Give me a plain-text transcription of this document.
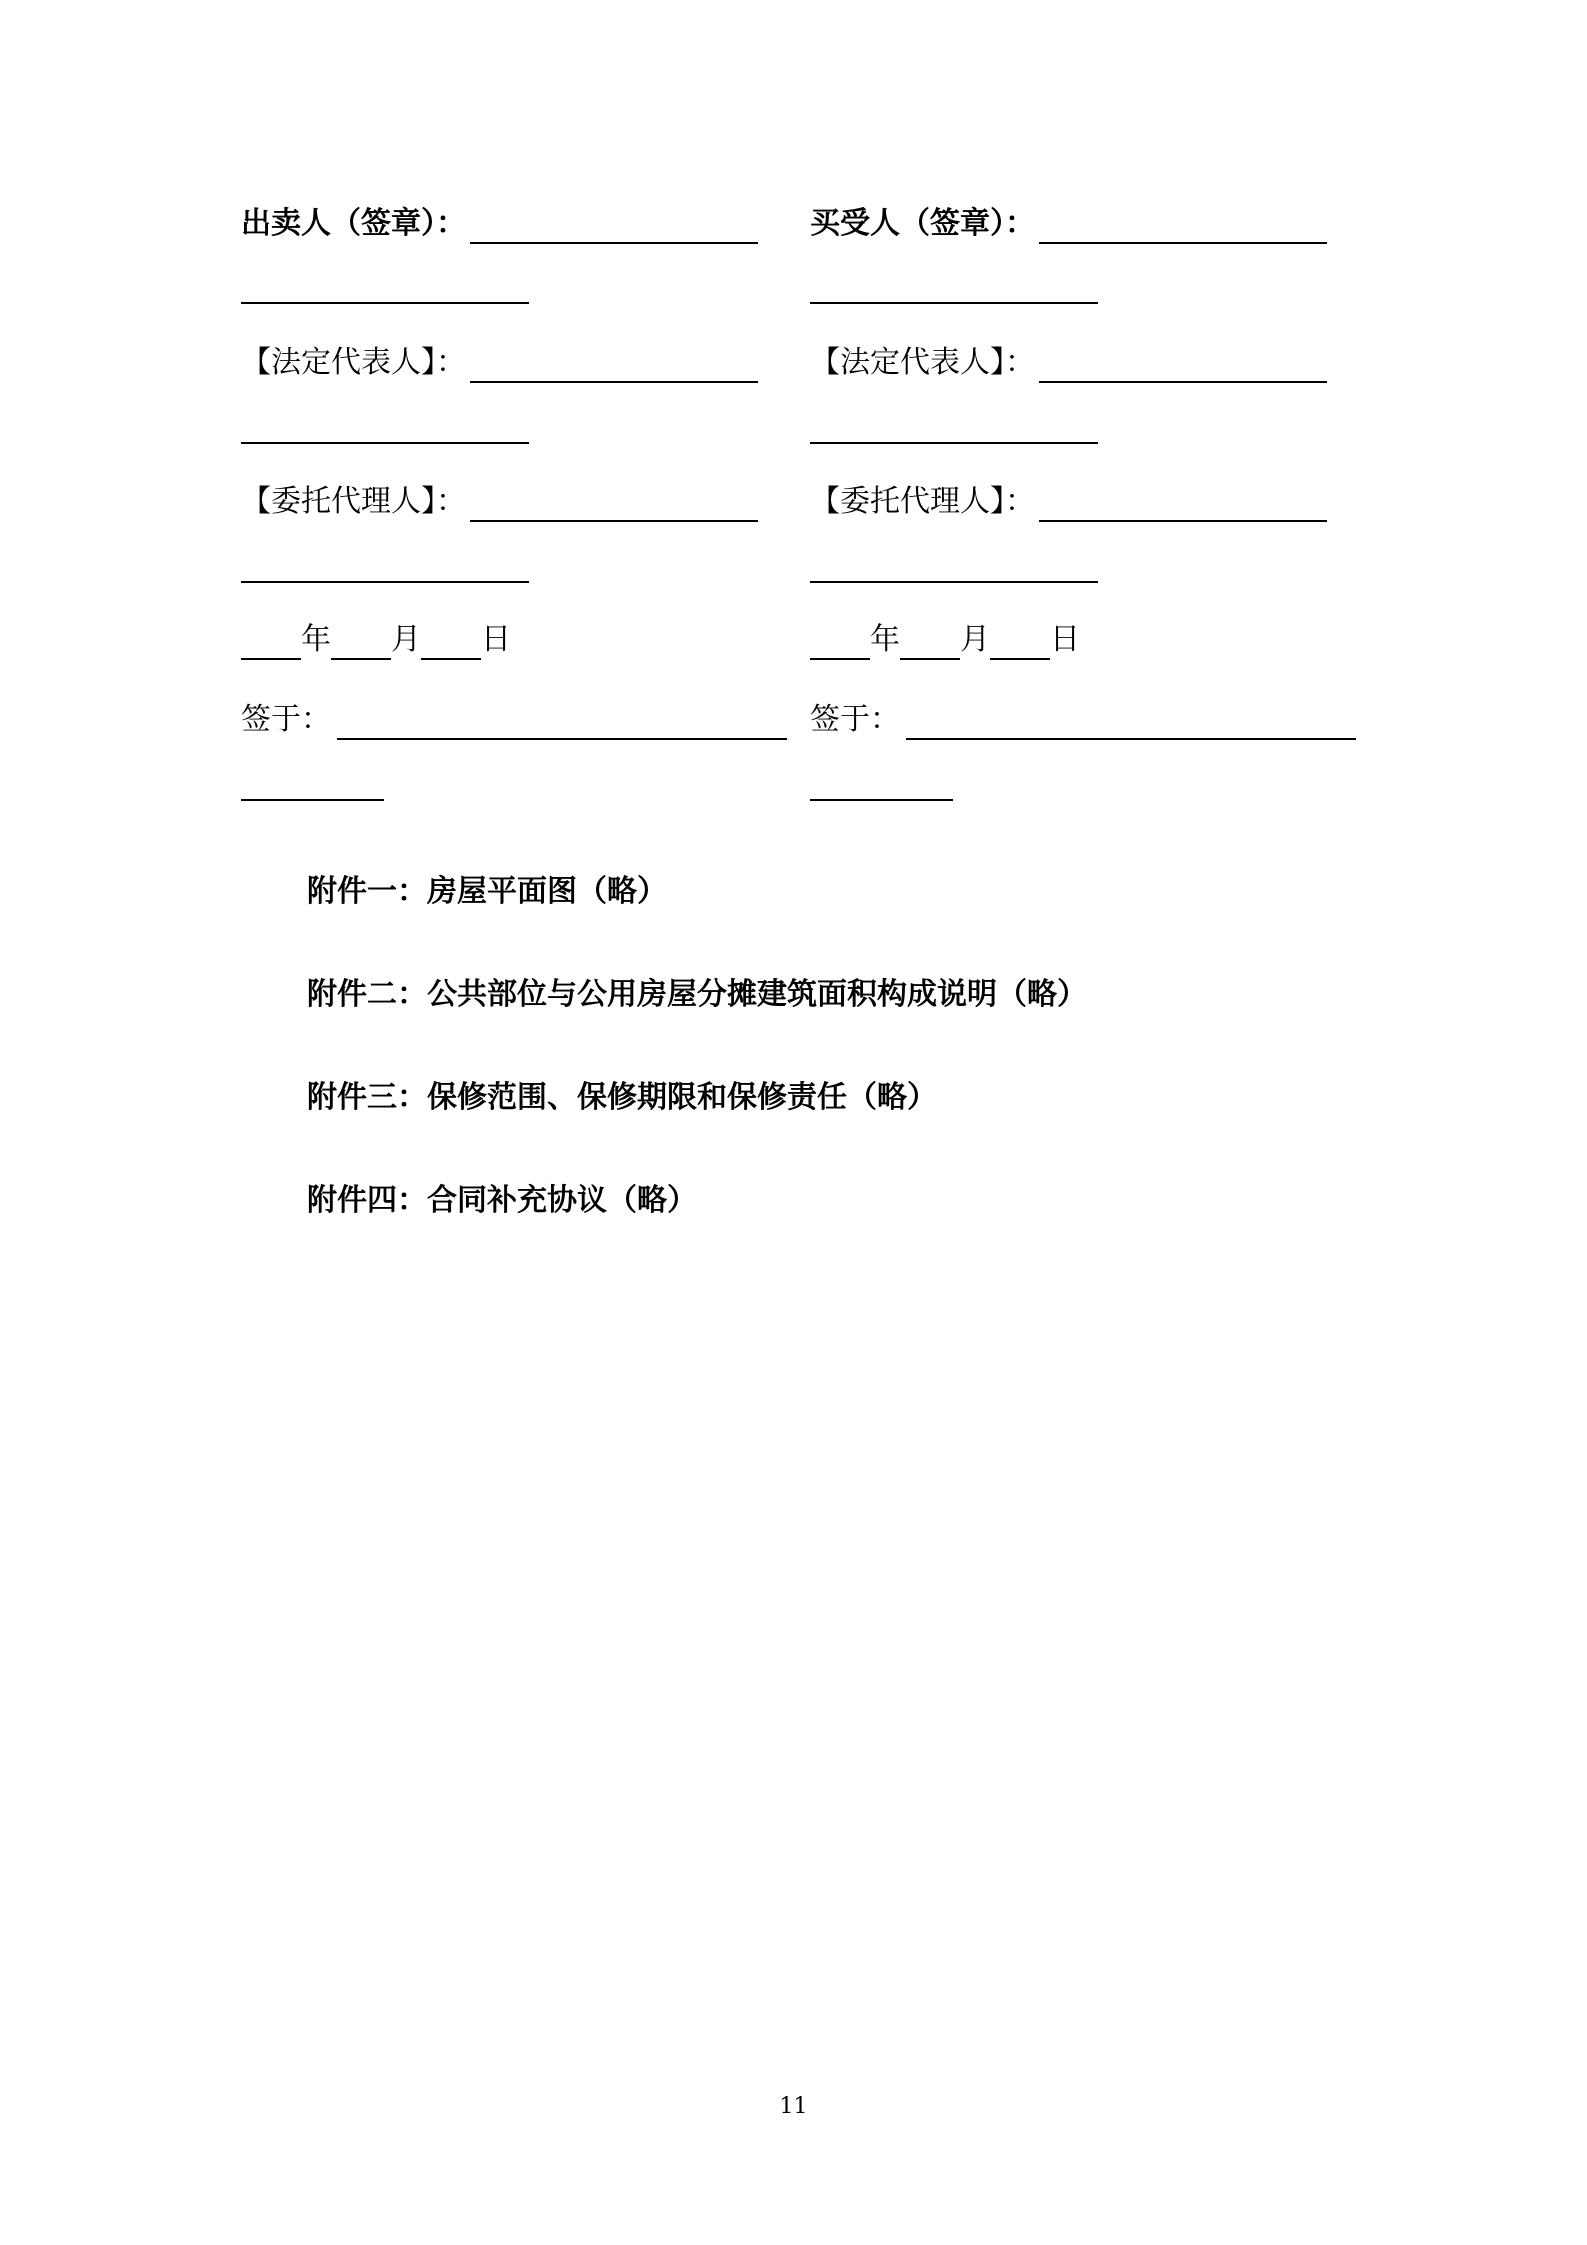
出卖人（签章）：
【法定代表人】：
【委托代理人】：
年 月 日
签于：
买受人（签章）：
【法定代表人】：
【委托代理人】：
年 月 日
签于：
附件一：房屋平面图（略）
附件二：公共部位与公用房屋分摊建筑面积构成说明（略）
附件三：保修范围、保修期限和保修责任（略）
附件四：合同补充协议（略）
11
